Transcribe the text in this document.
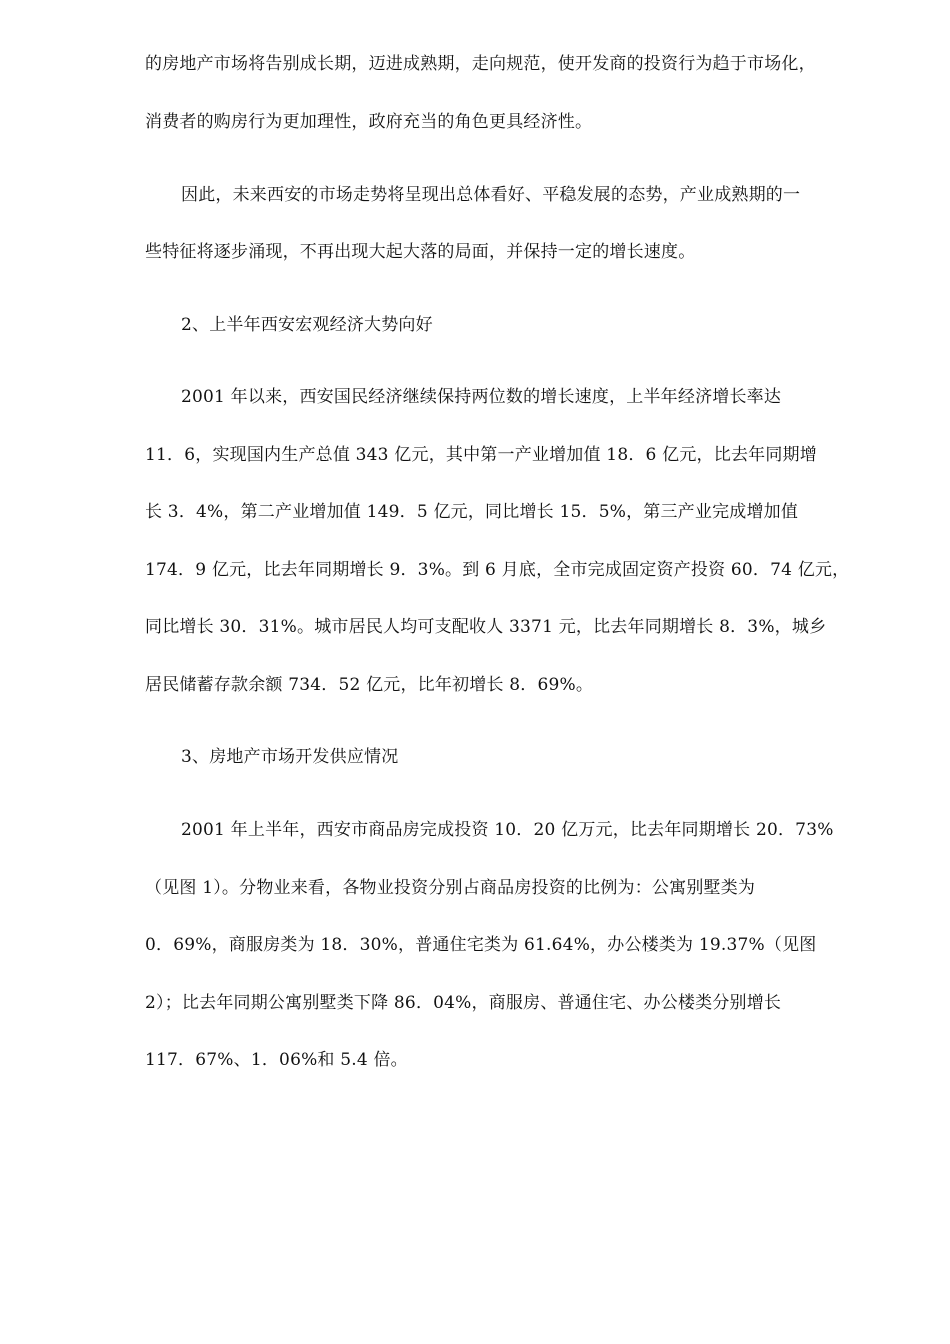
的房地产市场将告别成长期，迈进成熟期，走向规范，使开发商的投资行为趋于市场化，
消费者的购房行为更加理性，政府充当的角色更具经济性。
因此，未来西安的市场走势将呈现出总体看好、平稳发展的态势，产业成熟期的一
些特征将逐步涌现，不再出现大起大落的局面，并保持一定的增长速度。
2、上半年西安宏观经济大势向好
2001 年以来，西安国民经济继续保持两位数的增长速度，上半年经济增长率达
11．6，实现国内生产总值 343 亿元，其中第一产业增加值 18．6 亿元，比去年同期增
长 3．4%，第二产业增加值 149．5 亿元，同比增长 15．5%，第三产业完成增加值
174．9 亿元，比去年同期增长 9．3%。到 6 月底，全市完成固定资产投资 60．74 亿元，
同比增长 30．31%。城市居民人均可支配收人 3371 元，比去年同期增长 8．3%，城乡
居民储蓄存款余额 734．52 亿元，比年初增长 8．69%。
3、房地产市场开发供应情况
2001 年上半年，西安市商品房完成投资 10．20 亿万元，比去年同期增长 20．73%
（见图 1）。分物业来看，各物业投资分别占商品房投资的比例为：公寓别墅类为
0．69%，商服房类为 18．30%，普通住宅类为 61.64%，办公楼类为 19.37%（见图
2）；比去年同期公寓别墅类下降 86．04%，商服房、普通住宅、办公楼类分别增长
117．67%、1．06%和 5.4 倍。
